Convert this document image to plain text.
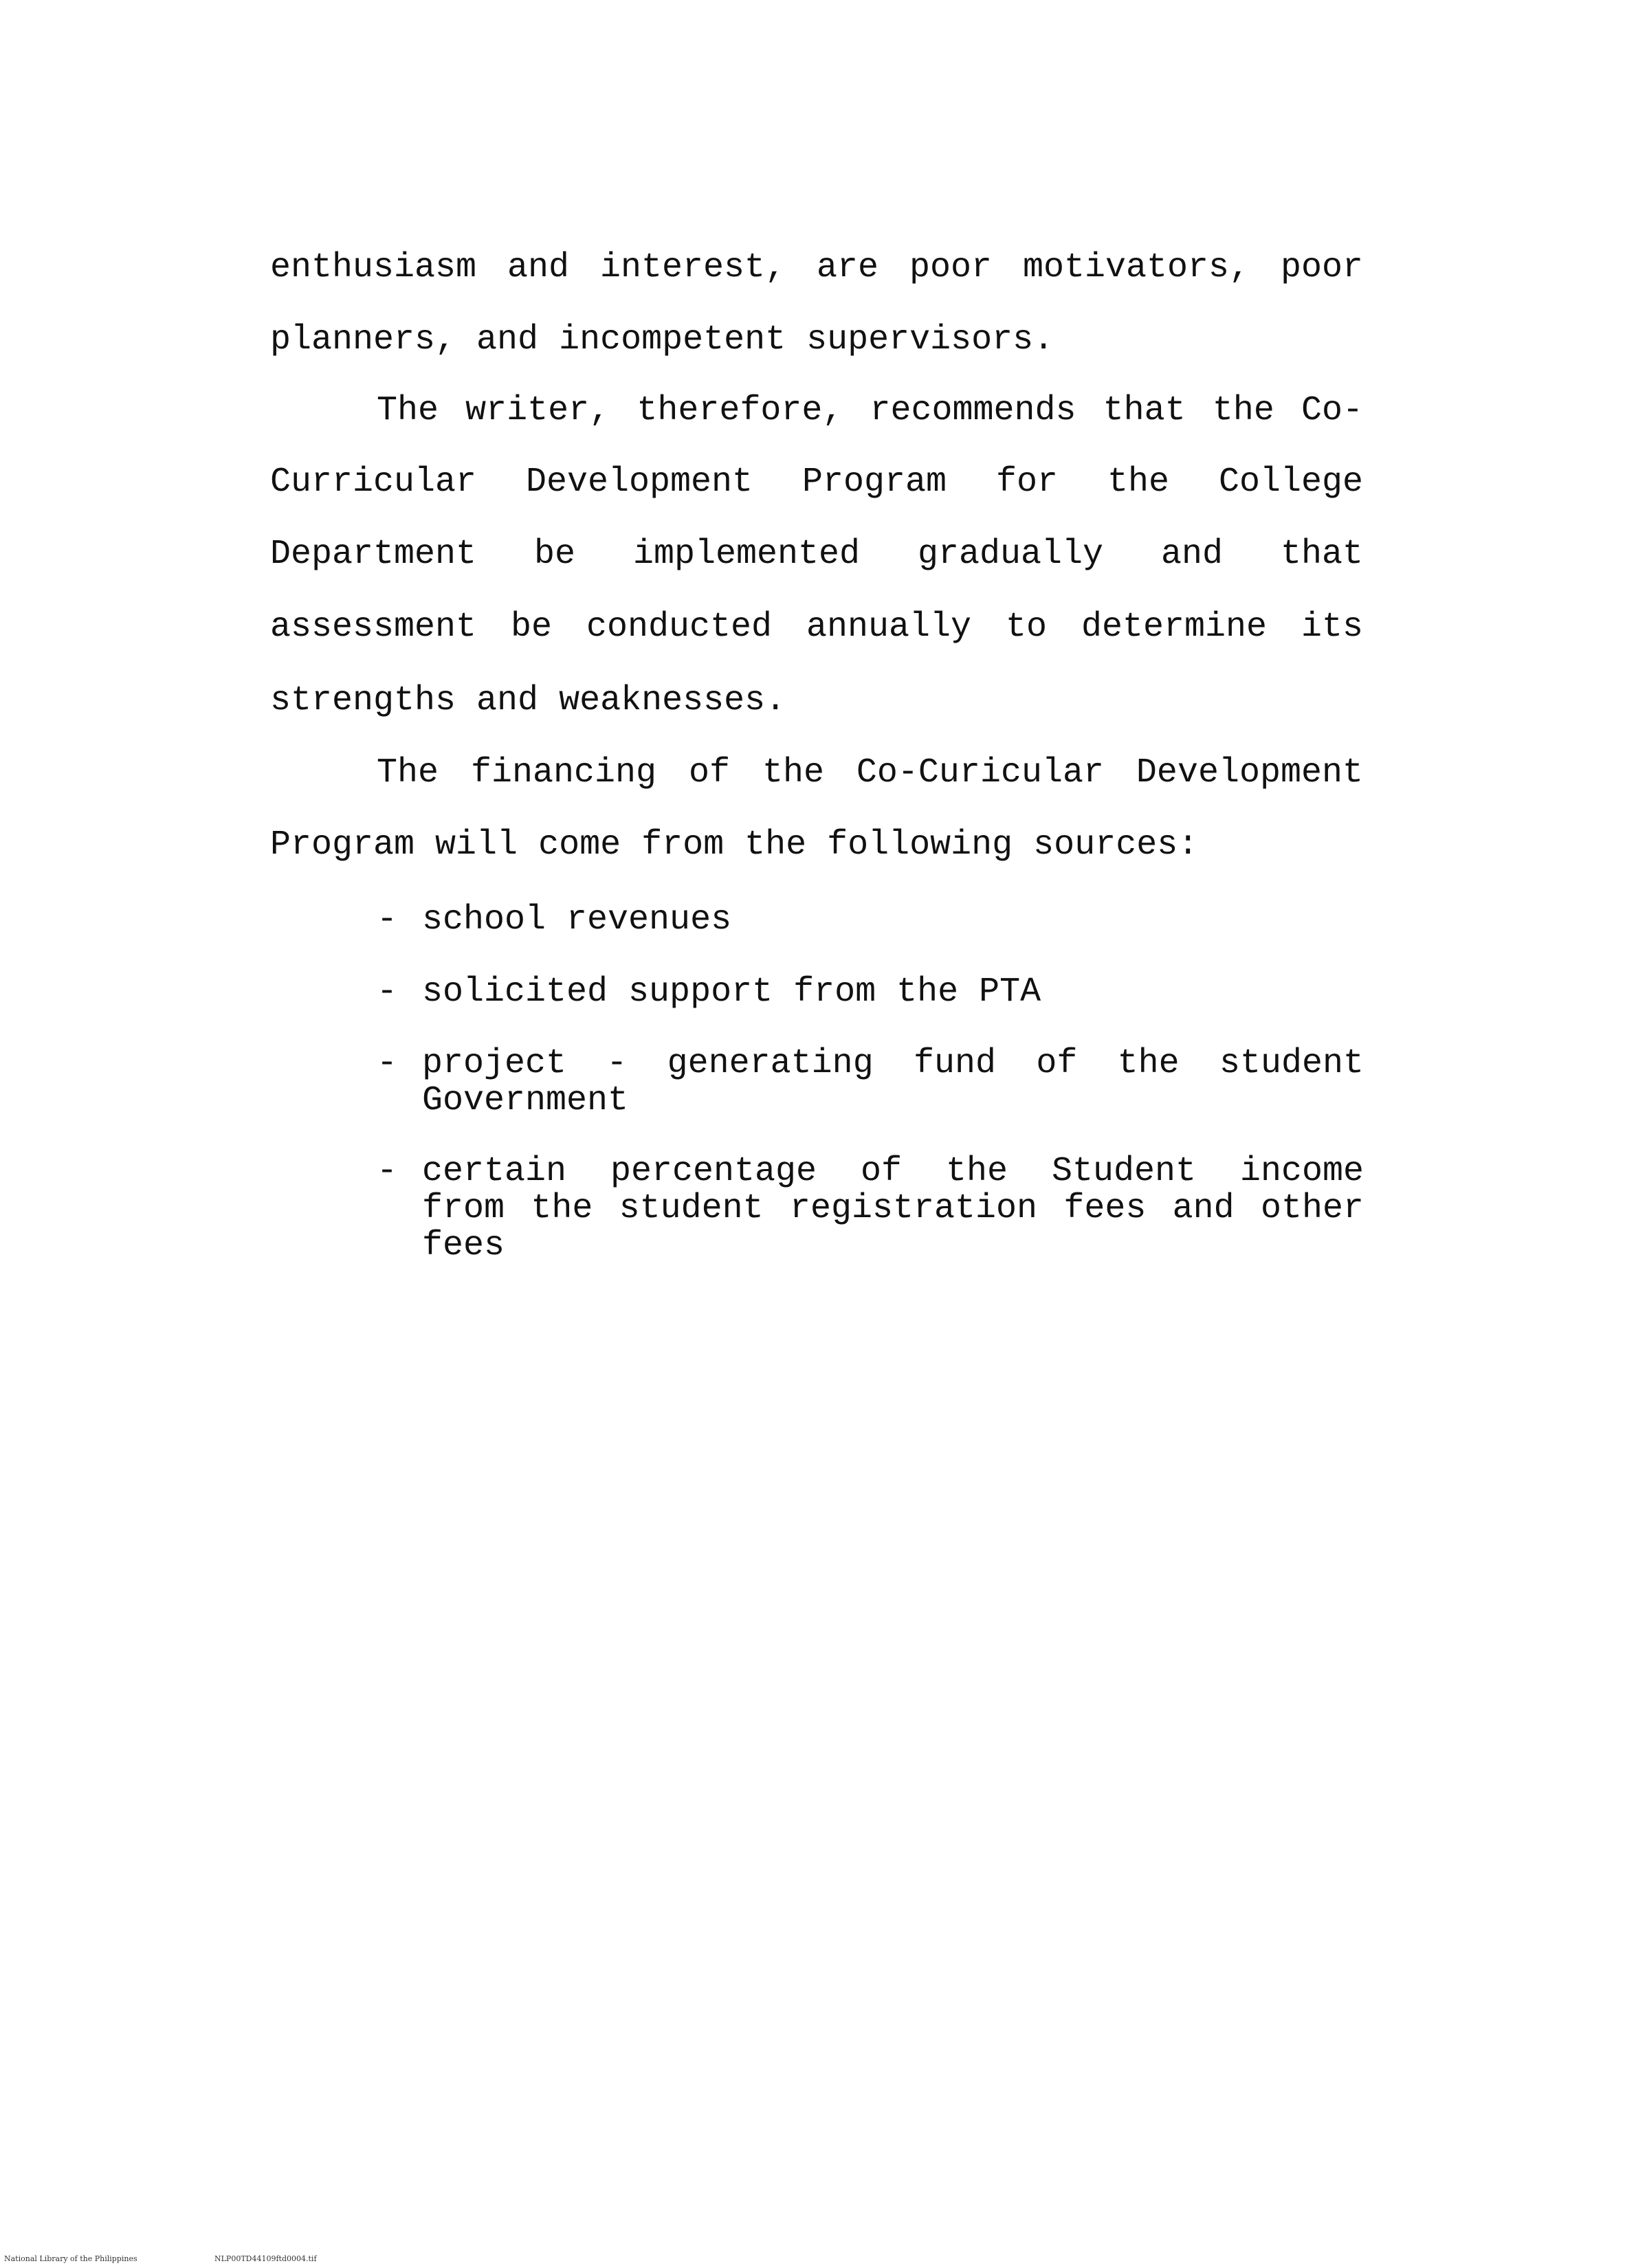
enthusiasm and interest, are poor motivators, poor
planners, and incompetent supervisors.
The writer, therefore, recommends that the Co-
Curricular Development Program for the College
Department be implemented gradually and that
assessment be conducted annually to determine its
strengths and weaknesses.
The financing of the Co-Curicular Development
Program will come from the following sources:
- school revenues
- solicited support from the PTA
- project - generating fund of the student
Government
- certain percentage of the Student income
from the student registration fees and other
fees
National Library of the Philippines	NLP00TD44109ftd0004.tif
